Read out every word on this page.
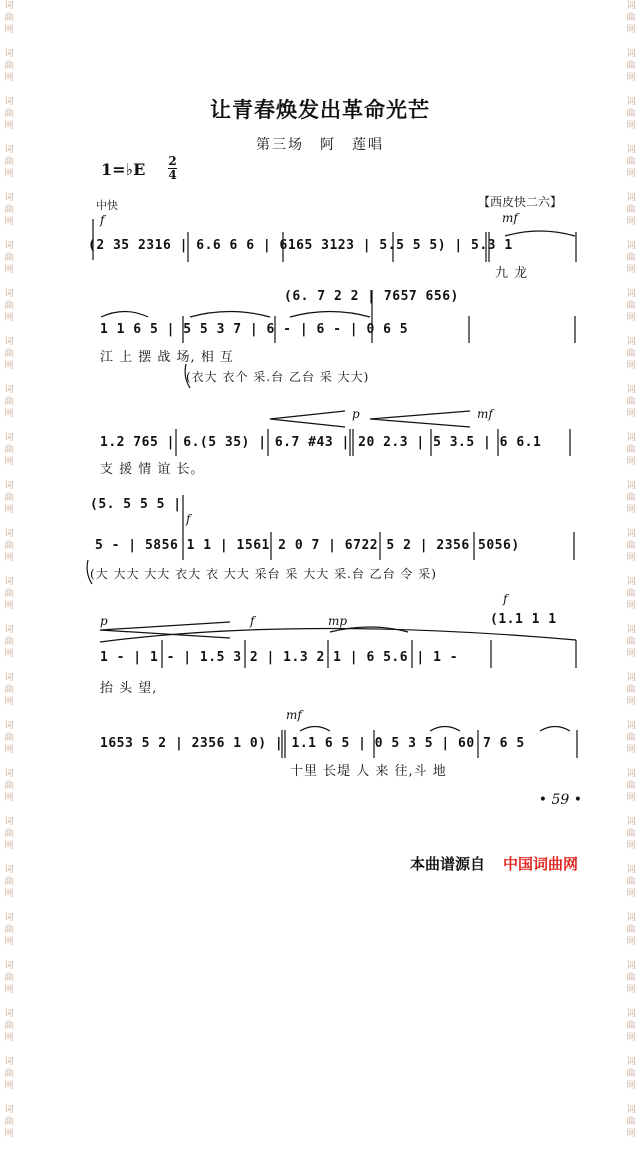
词
曲
网

词
曲
网

词
曲
网

词
曲
网

词
曲
网

词
曲
网

词
曲
网

词
曲
网

词
曲
网

词
曲
网

词
曲
网

词
曲
网

词
曲
网

词
曲
网

词
曲
网

词
曲
网

词
曲
网

词
曲
网

词
曲
网

词
曲
网

词
曲
网

词
曲
网

词
曲
网

词
曲
网

词
曲
网

词
曲
网

词
曲
网

词
曲
网

词
曲
网

词
曲
网

词
曲
网

词
曲
网

词
曲
网

词
曲
网

词
曲
网

词
曲
网

词
曲
网

词
曲
网

词
曲
网

词
曲
网

词
曲
网

词
曲
网

词
曲
网

词
曲
网

词
曲
网

词
曲
网

词
曲
网

词
曲
网

让青春焕发出革命光芒
第三场　阿　莲唱
1=♭E 2
4
中快	【西皮快二六】
f	mf
(2 35 2316 | 6.6 6 6 | 6165 3123 | 5.5 5 5) | 5.3 1
九 龙
(6. 7 2 2 | 7657 656)
1 1 6 5 | 5 5 3 7 | 6 - | 6 - | 0 6 5
江 上 摆 战 场, 相 互
(衣大 衣个 采.台 乙台 采 大大)
p	mf
1.2 765 | 6.(5 35) | 6.7 #43 | 20 2.3 | 5 3.5 | 6 6.1
支 援 情 谊 长。
(5. 5 5 5 |
f
5 - | 5856 1 1 | 1561 2 0 7 | 6722 5 2 | 2356 5056)
(大 大大 大大 衣大 衣 大大 采台 采 大大 采.台 乙台 令 采)
p	f	mp
f
(1.1 1 1
1 - | 1 - | 1.5 3 2 | 1.3 2 1 | 6 5.6 | 1 -
抬 头 望,
mf
1653 5 2 | 2356 1 0) | 1.1 6 5 | 0 5 3 5 | 60 7 6 5
十里 长堤 人 来 往,斗 地
• 59 •
本曲谱源自 中国词曲网
